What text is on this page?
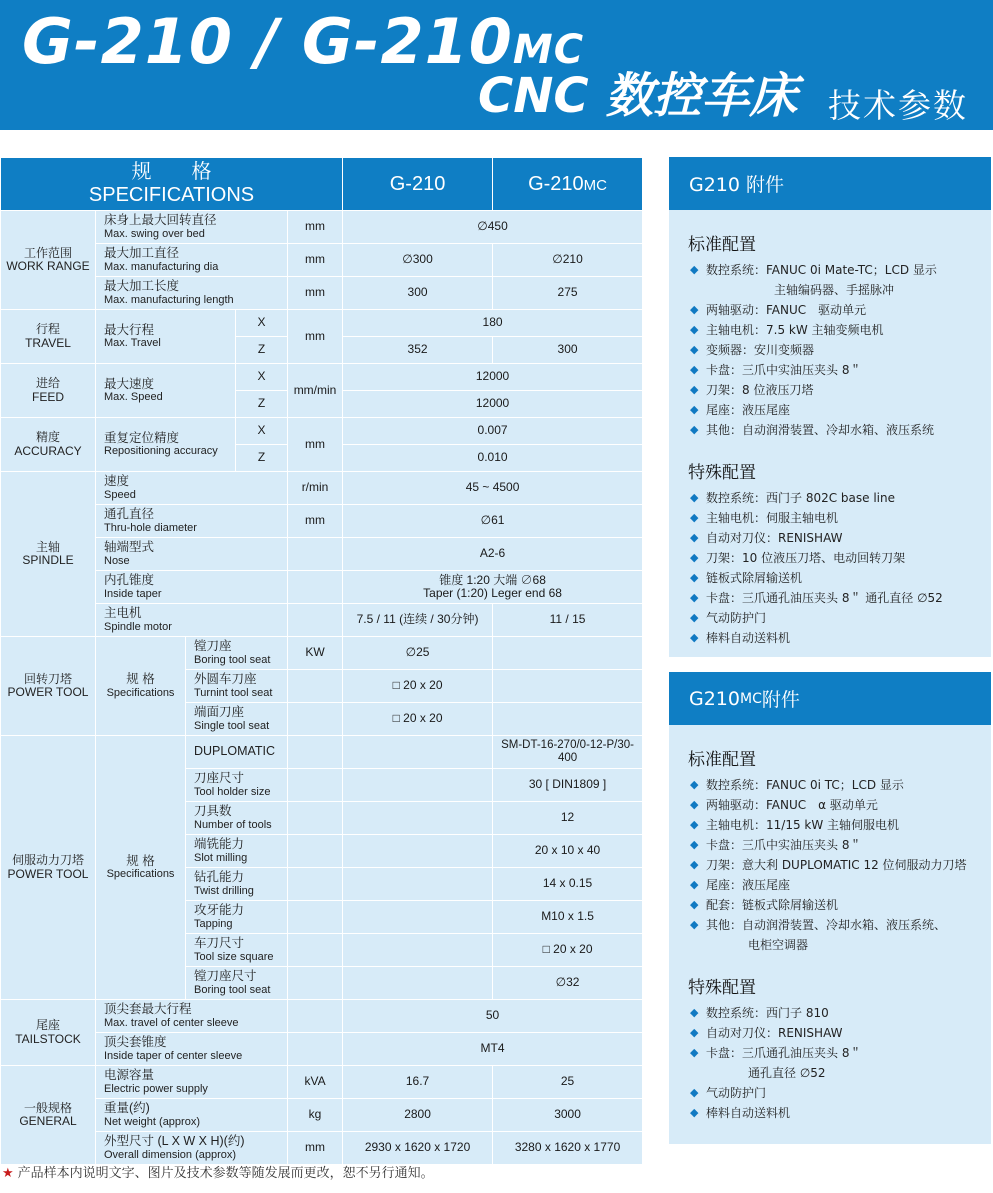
G-210 / G-210MC
CNC 数控车床 技术参数
规格
SPECIFICATIONS					G-210	G-210MC

工作范围
WORK RANGE	床身上最大回转直径
Max. swing over bed			mm	∅450	

	最大加工直径
Max. manufacturing dia			mm	∅300	∅210

	最大加工长度
Max. manufacturing length			mm	300	275

行程
TRAVEL	最大行程
Max. Travel		X	mm	180	
			Z		352	300

进给
FEED	最大速度
Max. Speed		X	mm/min	12000	
			Z		12000	

精度
ACCURACY	重复定位精度
Repositioning accuracy		X	mm	0.007	
			Z		0.010	

主轴
SPINDLE	速度
Speed			r/min	45 ~ 4500	

	通孔直径
Thru-hole diameter			mm	∅61	

	轴端型式
Nose				A2-6	

	内孔锥度
Inside taper				锥度 1:20 大端 ∅68
Taper (1:20) Leger end 68	

	主电机
Spindle motor				7.5 / 11 (连续 / 30分钟)	11 / 15

回转刀塔
POWER TOOL	规 格
Specifications	镗刀座
Boring tool seat		KW	∅25	

		外圆车刀座
Turnint tool seat			□ 20 x 20	

		端面刀座
Single tool seat			□ 20 x 20	

伺服动力刀塔
POWER TOOL	规 格
Specifications	DUPLOMATIC				SM-DT-16-270/0-12-P/30-400

		刀座尺寸
Tool holder size				30 [ DIN1809 ]

		刀具数
Number of tools				12

		端铣能力
Slot milling				20 x 10 x 40

		钻孔能力
Twist drilling				14 x 0.15

		攻牙能力
Tapping				M10 x 1.5

		车刀尺寸
Tool size square				□ 20 x 20

		镗刀座尺寸
Boring tool seat				∅32

尾座
TAILSTOCK	顶尖套最大行程
Max. travel of center sleeve				50	

	顶尖套锥度
Inside taper of center sleeve				MT4	

一般规格
GENERAL	电源容量
Electric power supply			kVA	16.7	25

	重量(约)
Net weight (approx)			kg	2800	3000

	外型尺寸 (L X W X H)(约)
Overall dimension (approx)			mm	2930 x 1620 x 1720	3280 x 1620 x 1770
G210 附件
标准配置
◆ 数控系统：FANUC 0i Mate-TC；LCD 显示
主轴编码器、手摇脉冲
◆ 两轴驱动：FANUC　驱动单元
◆ 主轴电机：7.5 kW 主轴变频电机
◆ 变频器：安川变频器
◆ 卡盘：三爪中实油压夹头 8＂
◆ 刀架：8 位液压刀塔
◆ 尾座：液压尾座
◆ 其他：自动润滑装置、冷却水箱、液压系统
特殊配置
◆ 数控系统：西门子 802C base line
◆ 主轴电机：伺服主轴电机
◆ 自动对刀仪：RENISHAW
◆ 刀架：10 位液压刀塔、电动回转刀架
◆ 链板式除屑输送机
◆ 卡盘：三爪通孔油压夹头 8＂ 通孔直径 ∅52
◆ 气动防护门
◆ 棒料自动送料机
G210 MC 附件
标准配置
◆ 数控系统：FANUC 0i TC；LCD 显示
◆ 两轴驱动：FANUC　α 驱动单元
◆ 主轴电机：11/15 kW 主轴伺服电机
◆ 卡盘：三爪中实油压夹头 8＂
◆ 刀架：意大利 DUPLOMATIC 12 位伺服动力刀塔
◆ 尾座：液压尾座
◆ 配套：链板式除屑输送机
◆ 其他：自动润滑装置、冷却水箱、液压系统、
电柜空调器
特殊配置
◆ 数控系统：西门子 810
◆ 自动对刀仪：RENISHAW
◆ 卡盘：三爪通孔油压夹头 8＂
通孔直径 ∅52
◆ 气动防护门
◆ 棒料自动送料机
★ 产品样本内说明文字、图片及技术参数等随发展而更改，恕不另行通知。
